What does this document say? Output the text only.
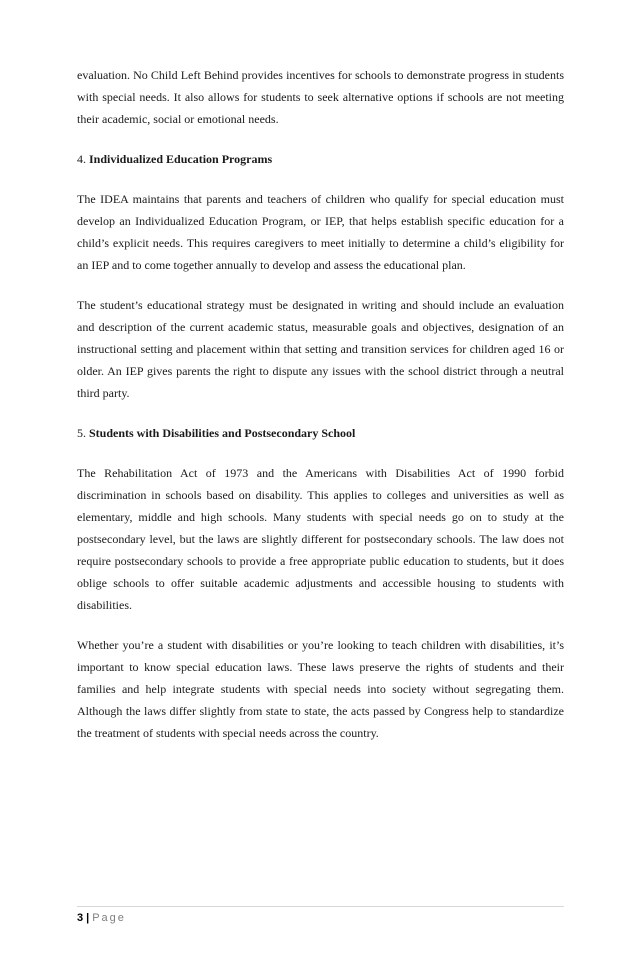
evaluation. No Child Left Behind provides incentives for schools to demonstrate progress in students with special needs. It also allows for students to seek alternative options if schools are not meeting their academic, social or emotional needs.

4. Individualized Education Programs

The IDEA maintains that parents and teachers of children who qualify for special education must develop an Individualized Education Program, or IEP, that helps establish specific education for a child’s explicit needs. This requires caregivers to meet initially to determine a child’s eligibility for an IEP and to come together annually to develop and assess the educational plan.

The student’s educational strategy must be designated in writing and should include an evaluation and description of the current academic status, measurable goals and objectives, designation of an instructional setting and placement within that setting and transition services for children aged 16 or older. An IEP gives parents the right to dispute any issues with the school district through a neutral third party.

5. Students with Disabilities and Postsecondary School

The Rehabilitation Act of 1973 and the Americans with Disabilities Act of 1990 forbid discrimination in schools based on disability. This applies to colleges and universities as well as elementary, middle and high schools. Many students with special needs go on to study at the postsecondary level, but the laws are slightly different for postsecondary schools. The law does not require postsecondary schools to provide a free appropriate public education to students, but it does oblige schools to offer suitable academic adjustments and accessible housing to students with disabilities.

Whether you’re a student with disabilities or you’re looking to teach children with disabilities, it’s important to know special education laws. These laws preserve the rights of students and their families and help integrate students with special needs into society without segregating them. Although the laws differ slightly from state to state, the acts passed by Congress help to standardize the treatment of students with special needs across the country.

3 | Page
